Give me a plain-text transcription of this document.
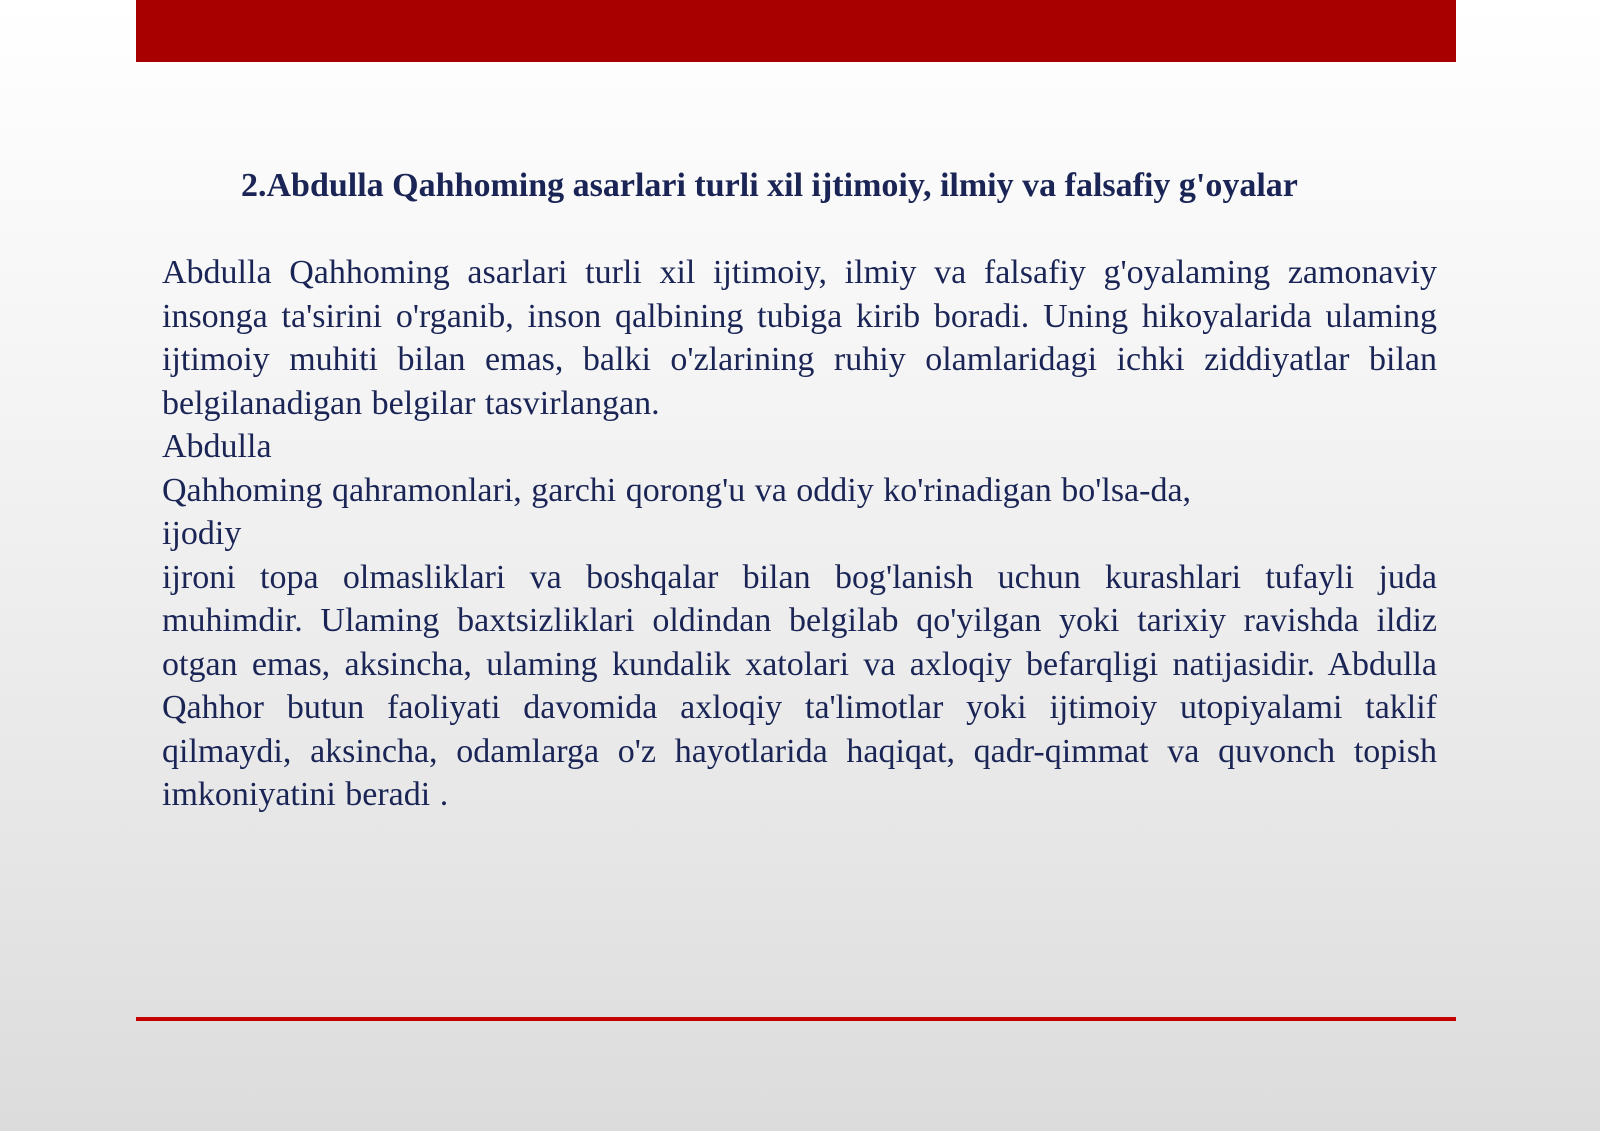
2.Abdulla Qahhoming asarlari turli xil ijtimoiy, ilmiy va falsafiy g'oyalar

Abdulla Qahhoming asarlari turli xil ijtimoiy, ilmiy va falsafiy g'oyalaming zamonaviy insonga ta'sirini o'rganib, inson qalbining tubiga kirib boradi. Uning hikoyalarida ulaming ijtimoiy muhiti bilan emas, balki o'zlarining ruhiy olamlaridagi ichki ziddiyatlar bilan belgilanadigan belgilar tasvirlangan.

Abdulla

Qahhoming qahramonlari, garchi qorong'u va oddiy ko'rinadigan bo'lsa-da,

ijodiy

ijroni topa olmasliklari va boshqalar bilan bog'lanish uchun kurashlari tufayli juda muhimdir. Ulaming baxtsizliklari oldindan belgilab qo'yilgan yoki tarixiy ravishda ildiz otgan emas, aksincha, ulaming kundalik xatolari va axloqiy befarqligi natijasidir. Abdulla Qahhor butun faoliyati davomida axloqiy ta'limotlar yoki ijtimoiy utopiyalami taklif qilmaydi, aksincha, odamlarga o'z hayotlarida haqiqat, qadr-qimmat va quvonch topish imkoniyatini beradi .
